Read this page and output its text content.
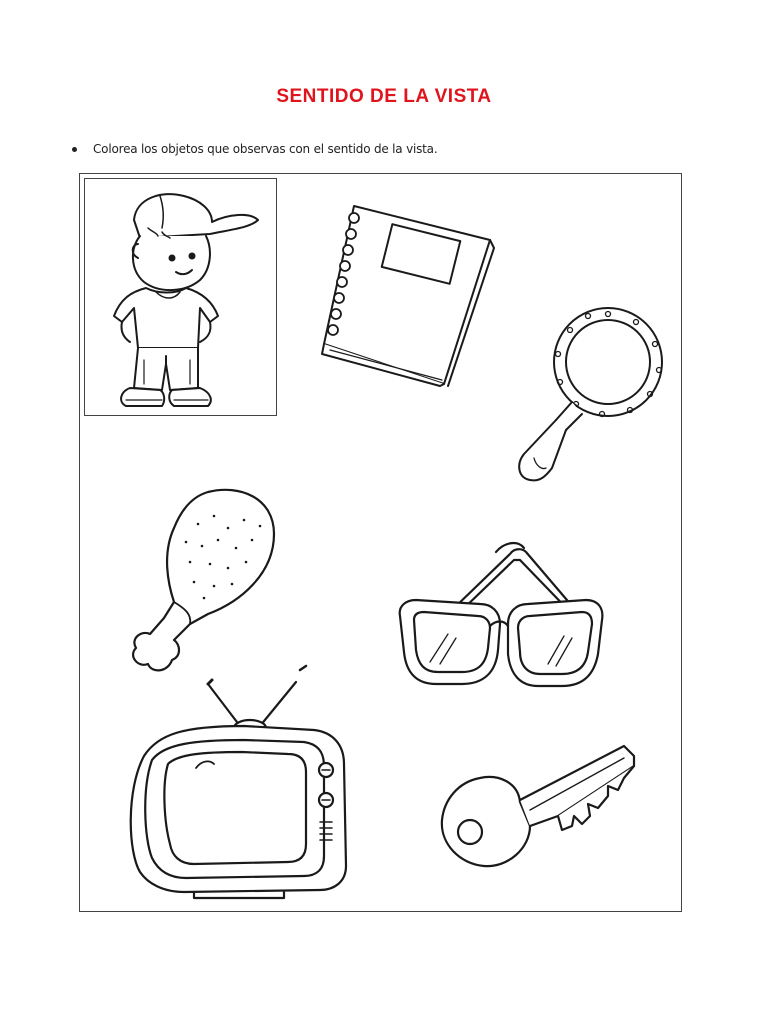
SENTIDO DE LA VISTA
Colorea los objetos que observas con el sentido de la vista.
